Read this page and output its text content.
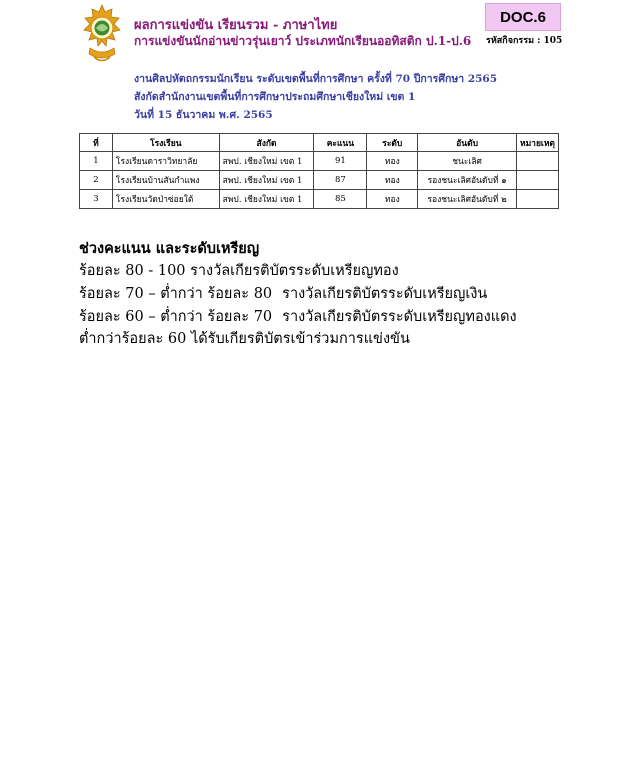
ผลการแข่งขัน เรียนรวม - ภาษาไทย
การแข่งขันนักอ่านข่าวรุ่นเยาว์ ประเภทนักเรียนออทิสติก ป.1-ป.6
DOC.6
รหัสกิจกรรม : 105
งานศิลปหัตถกรรมนักเรียน ระดับเขตพื้นที่การศึกษา ครั้งที่ 70 ปีการศึกษา 2565
สังกัดสำนักงานเขตพื้นที่การศึกษาประถมศึกษาเชียงใหม่ เขต 1
วันที่ 15 ธันวาคม พ.ศ. 2565
ที่	โรงเรียน	สังกัด	คะแนน	ระดับ	อันดับ	หมายเหตุ
1	โรงเรียนดาราวิทยาลัย	สพป. เชียงใหม่ เขต 1	91	ทอง	ชนะเลิศ	
2	โรงเรียนบ้านสันกำแพง	สพป. เชียงใหม่ เขต 1	87	ทอง	รองชนะเลิศอันดับที่ ๑	
3	โรงเรียนวัดป่าซ่อยใต้	สพป. เชียงใหม่ เขต 1	85	ทอง	รองชนะเลิศอันดับที่ ๒	
ช่วงคะแนน และระดับเหรียญ
ร้อยละ 80 - 100 รางวัลเกียรติบัตรระดับเหรียญทอง
ร้อยละ 70 – ต่ำกว่า ร้อยละ 80 รางวัลเกียรติบัตรระดับเหรียญเงิน
ร้อยละ 60 – ต่ำกว่า ร้อยละ 70 รางวัลเกียรติบัตรระดับเหรียญทองแดง
ต่ำกว่าร้อยละ 60 ได้รับเกียรติบัตรเข้าร่วมการแข่งขัน
